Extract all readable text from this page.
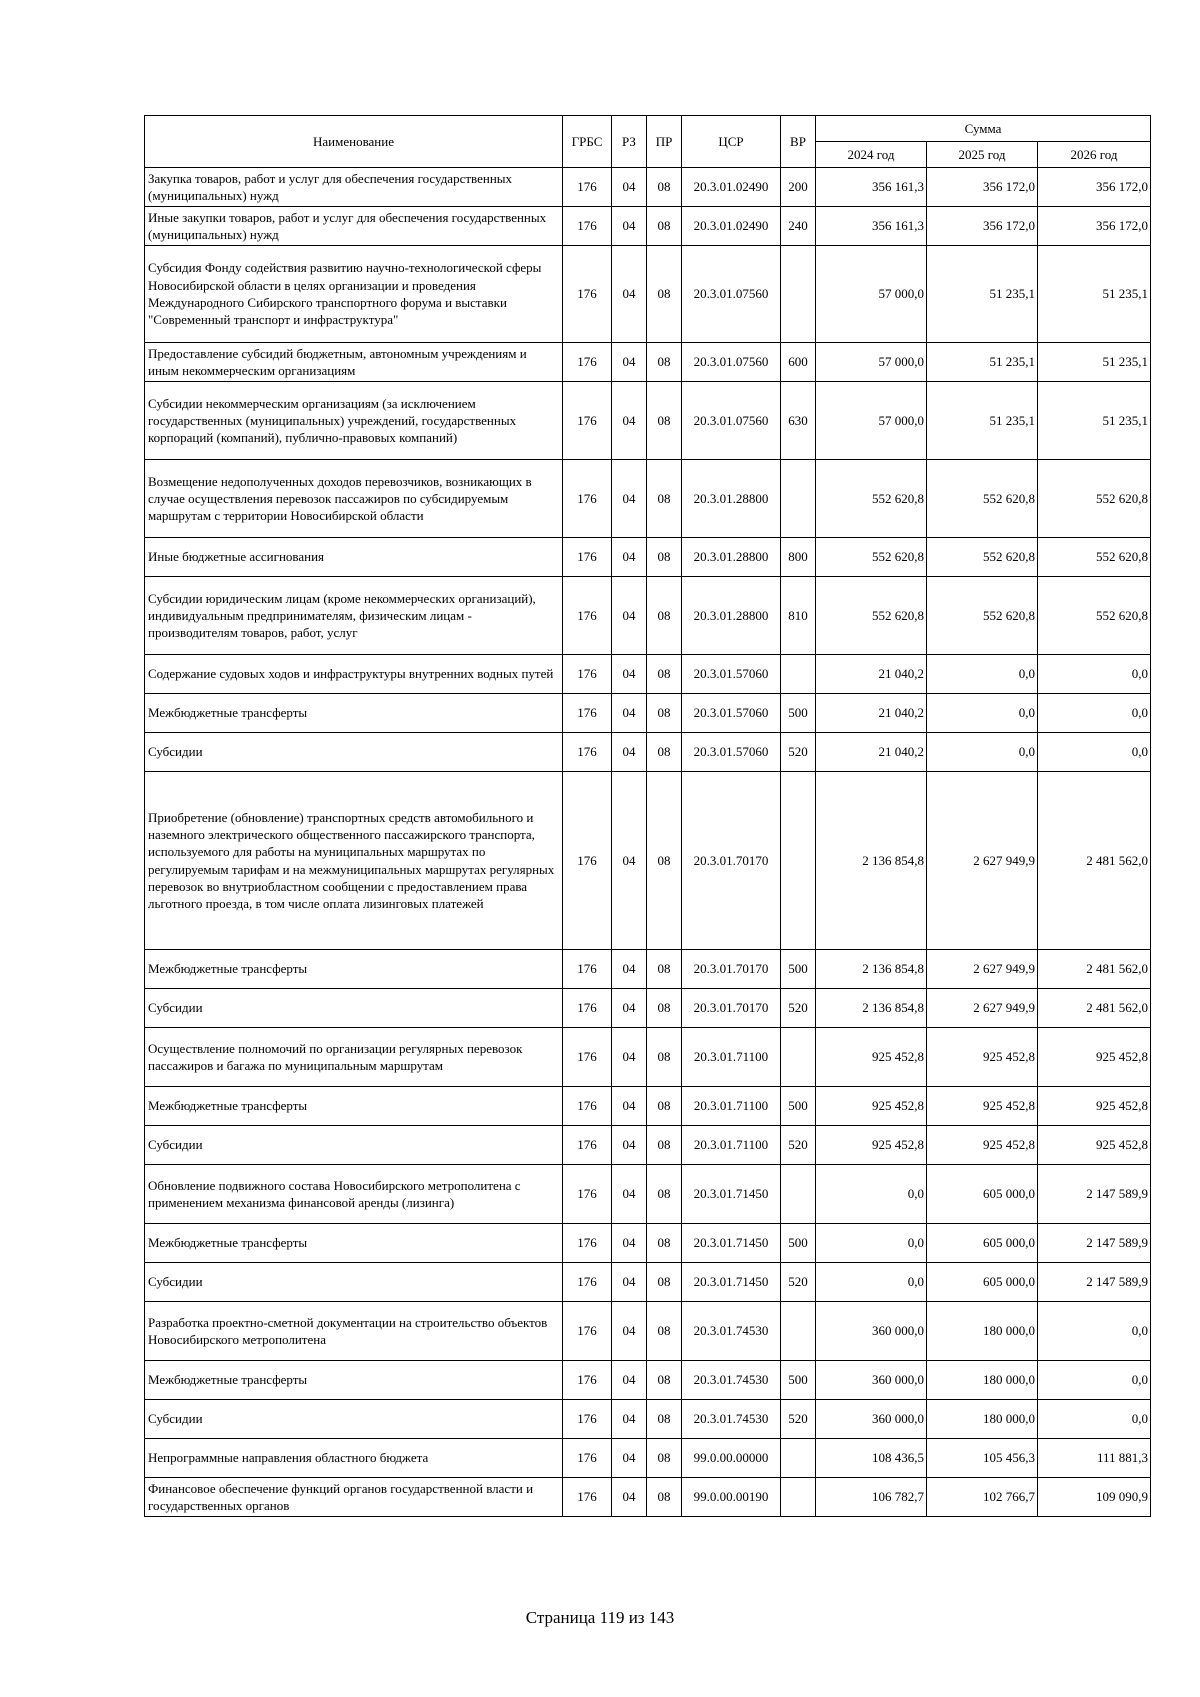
Наименование	ГРБС	РЗ	ПР	ЦСР	ВР	Сумма		
						2024 год	2025 год	2026 год
Закупка товаров, работ и услуг для обеспечения государственных (муниципальных) нужд	176	04	08	20.3.01.02490	200	356 161,3	356 172,0	356 172,0
Иные закупки товаров, работ и услуг для обеспечения государственных (муниципальных) нужд	176	04	08	20.3.01.02490	240	356 161,3	356 172,0	356 172,0
Субсидия Фонду содействия развитию научно-технологической сферы Новосибирской области в целях организации и проведения Международного Сибирского транспортного форума и выставки "Современный транспорт и инфраструктура"	176	04	08	20.3.01.07560		57 000,0	51 235,1	51 235,1
Предоставление субсидий бюджетным, автономным учреждениям и иным некоммерческим организациям	176	04	08	20.3.01.07560	600	57 000,0	51 235,1	51 235,1
Субсидии некоммерческим организациям (за исключением государственных (муниципальных) учреждений, государственных корпораций (компаний), публично-правовых компаний)	176	04	08	20.3.01.07560	630	57 000,0	51 235,1	51 235,1
Возмещение недополученных доходов перевозчиков, возникающих в случае осуществления перевозок пассажиров по субсидируемым маршрутам с территории Новосибирской области	176	04	08	20.3.01.28800		552 620,8	552 620,8	552 620,8
Иные бюджетные ассигнования	176	04	08	20.3.01.28800	800	552 620,8	552 620,8	552 620,8
Субсидии юридическим лицам (кроме некоммерческих организаций), индивидуальным предпринимателям, физическим лицам - производителям товаров, работ, услуг	176	04	08	20.3.01.28800	810	552 620,8	552 620,8	552 620,8
Содержание судовых ходов и инфраструктуры внутренних водных путей	176	04	08	20.3.01.57060		21 040,2	0,0	0,0
Межбюджетные трансферты	176	04	08	20.3.01.57060	500	21 040,2	0,0	0,0
Субсидии	176	04	08	20.3.01.57060	520	21 040,2	0,0	0,0
Приобретение (обновление) транспортных средств автомобильного и наземного электрического общественного пассажирского транспорта, используемого для работы на муниципальных маршрутах по регулируемым тарифам и на межмуниципальных маршрутах регулярных перевозок во внутриобластном сообщении с предоставлением права льготного проезда, в том числе оплата лизинговых платежей	176	04	08	20.3.01.70170		2 136 854,8	2 627 949,9	2 481 562,0
Межбюджетные трансферты	176	04	08	20.3.01.70170	500	2 136 854,8	2 627 949,9	2 481 562,0
Субсидии	176	04	08	20.3.01.70170	520	2 136 854,8	2 627 949,9	2 481 562,0
Осуществление полномочий по организации регулярных перевозок пассажиров и багажа по муниципальным маршрутам	176	04	08	20.3.01.71100		925 452,8	925 452,8	925 452,8
Межбюджетные трансферты	176	04	08	20.3.01.71100	500	925 452,8	925 452,8	925 452,8
Субсидии	176	04	08	20.3.01.71100	520	925 452,8	925 452,8	925 452,8
Обновление подвижного состава Новосибирского метрополитена с применением механизма финансовой аренды (лизинга)	176	04	08	20.3.01.71450		0,0	605 000,0	2 147 589,9
Межбюджетные трансферты	176	04	08	20.3.01.71450	500	0,0	605 000,0	2 147 589,9
Субсидии	176	04	08	20.3.01.71450	520	0,0	605 000,0	2 147 589,9
Разработка проектно-сметной документации на строительство объектов Новосибирского метрополитена	176	04	08	20.3.01.74530		360 000,0	180 000,0	0,0
Межбюджетные трансферты	176	04	08	20.3.01.74530	500	360 000,0	180 000,0	0,0
Субсидии	176	04	08	20.3.01.74530	520	360 000,0	180 000,0	0,0
Непрограммные направления областного бюджета	176	04	08	99.0.00.00000		108 436,5	105 456,3	111 881,3
Финансовое обеспечение функций органов государственной власти и государственных органов	176	04	08	99.0.00.00190		106 782,7	102 766,7	109 090,9
Страница 119 из 143
